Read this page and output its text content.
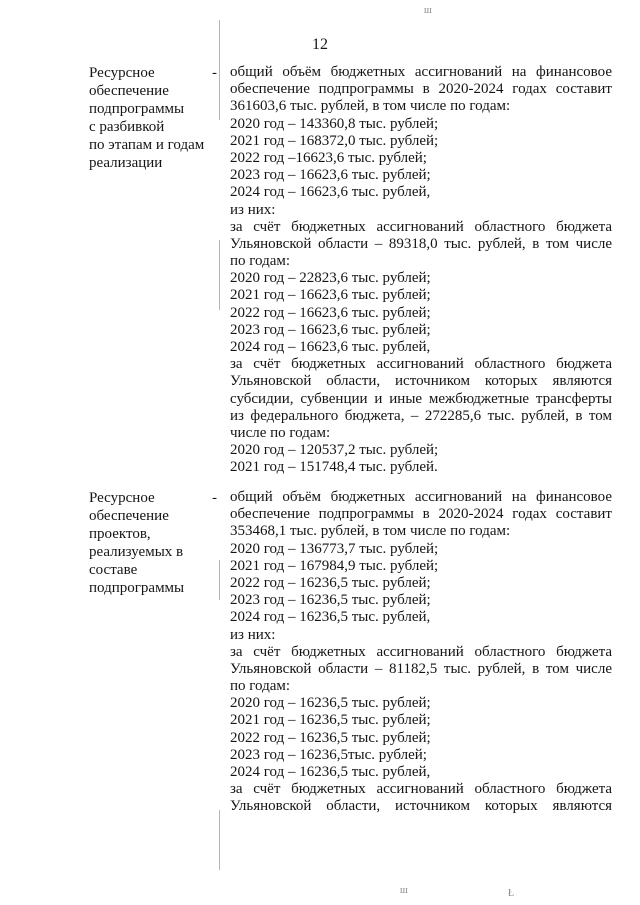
ш
12
Ресурсное
обеспечение
подпрограммы
с разбивкой
по этапам и годам
реализации
- общий объём бюджетных ассигнований на финансовое
обеспечение подпрограммы в 2020-2024 годах составит
361603,6 тыс. рублей, в том числе по годам:
2020 год – 143360,8 тыс. рублей;
2021 год – 168372,0 тыс. рублей;
2022 год –16623,6 тыс. рублей;
2023 год – 16623,6 тыс. рублей;
2024 год – 16623,6 тыс. рублей,
из них:
за счёт бюджетных ассигнований областного бюджета
Ульяновской области – 89318,0 тыс. рублей, в том числе
по годам:
2020 год – 22823,6 тыс. рублей;
2021 год – 16623,6 тыс. рублей;
2022 год – 16623,6 тыс. рублей;
2023 год – 16623,6 тыс. рублей;
2024 год – 16623,6 тыс. рублей,
за счёт бюджетных ассигнований областного бюджета
Ульяновской области, источником которых являются
субсидии, субвенции и иные межбюджетные трансферты
из федерального бюджета, – 272285,6 тыс. рублей, в том
числе по годам:
2020 год – 120537,2 тыс. рублей;
2021 год – 151748,4 тыс. рублей.
Ресурсное
обеспечение
проектов,
реализуемых в
составе
подпрограммы
- общий объём бюджетных ассигнований на финансовое
обеспечение подпрограммы в 2020-2024 годах составит
353468,1 тыс. рублей, в том числе по годам:
2020 год – 136773,7 тыс. рублей;
2021 год – 167984,9 тыс. рублей;
2022 год – 16236,5 тыс. рублей;
2023 год – 16236,5 тыс. рублей;
2024 год – 16236,5 тыс. рублей,
из них:
за счёт бюджетных ассигнований областного бюджета
Ульяновской области – 81182,5 тыс. рублей, в том числе
по годам:
2020 год – 16236,5 тыс. рублей;
2021 год – 16236,5 тыс. рублей;
2022 год – 16236,5 тыс. рублей;
2023 год – 16236,5тыс. рублей;
2024 год – 16236,5 тыс. рублей,
за счёт бюджетных ассигнований областного бюджета
Ульяновской области, источником которых являются
ш	Ł
